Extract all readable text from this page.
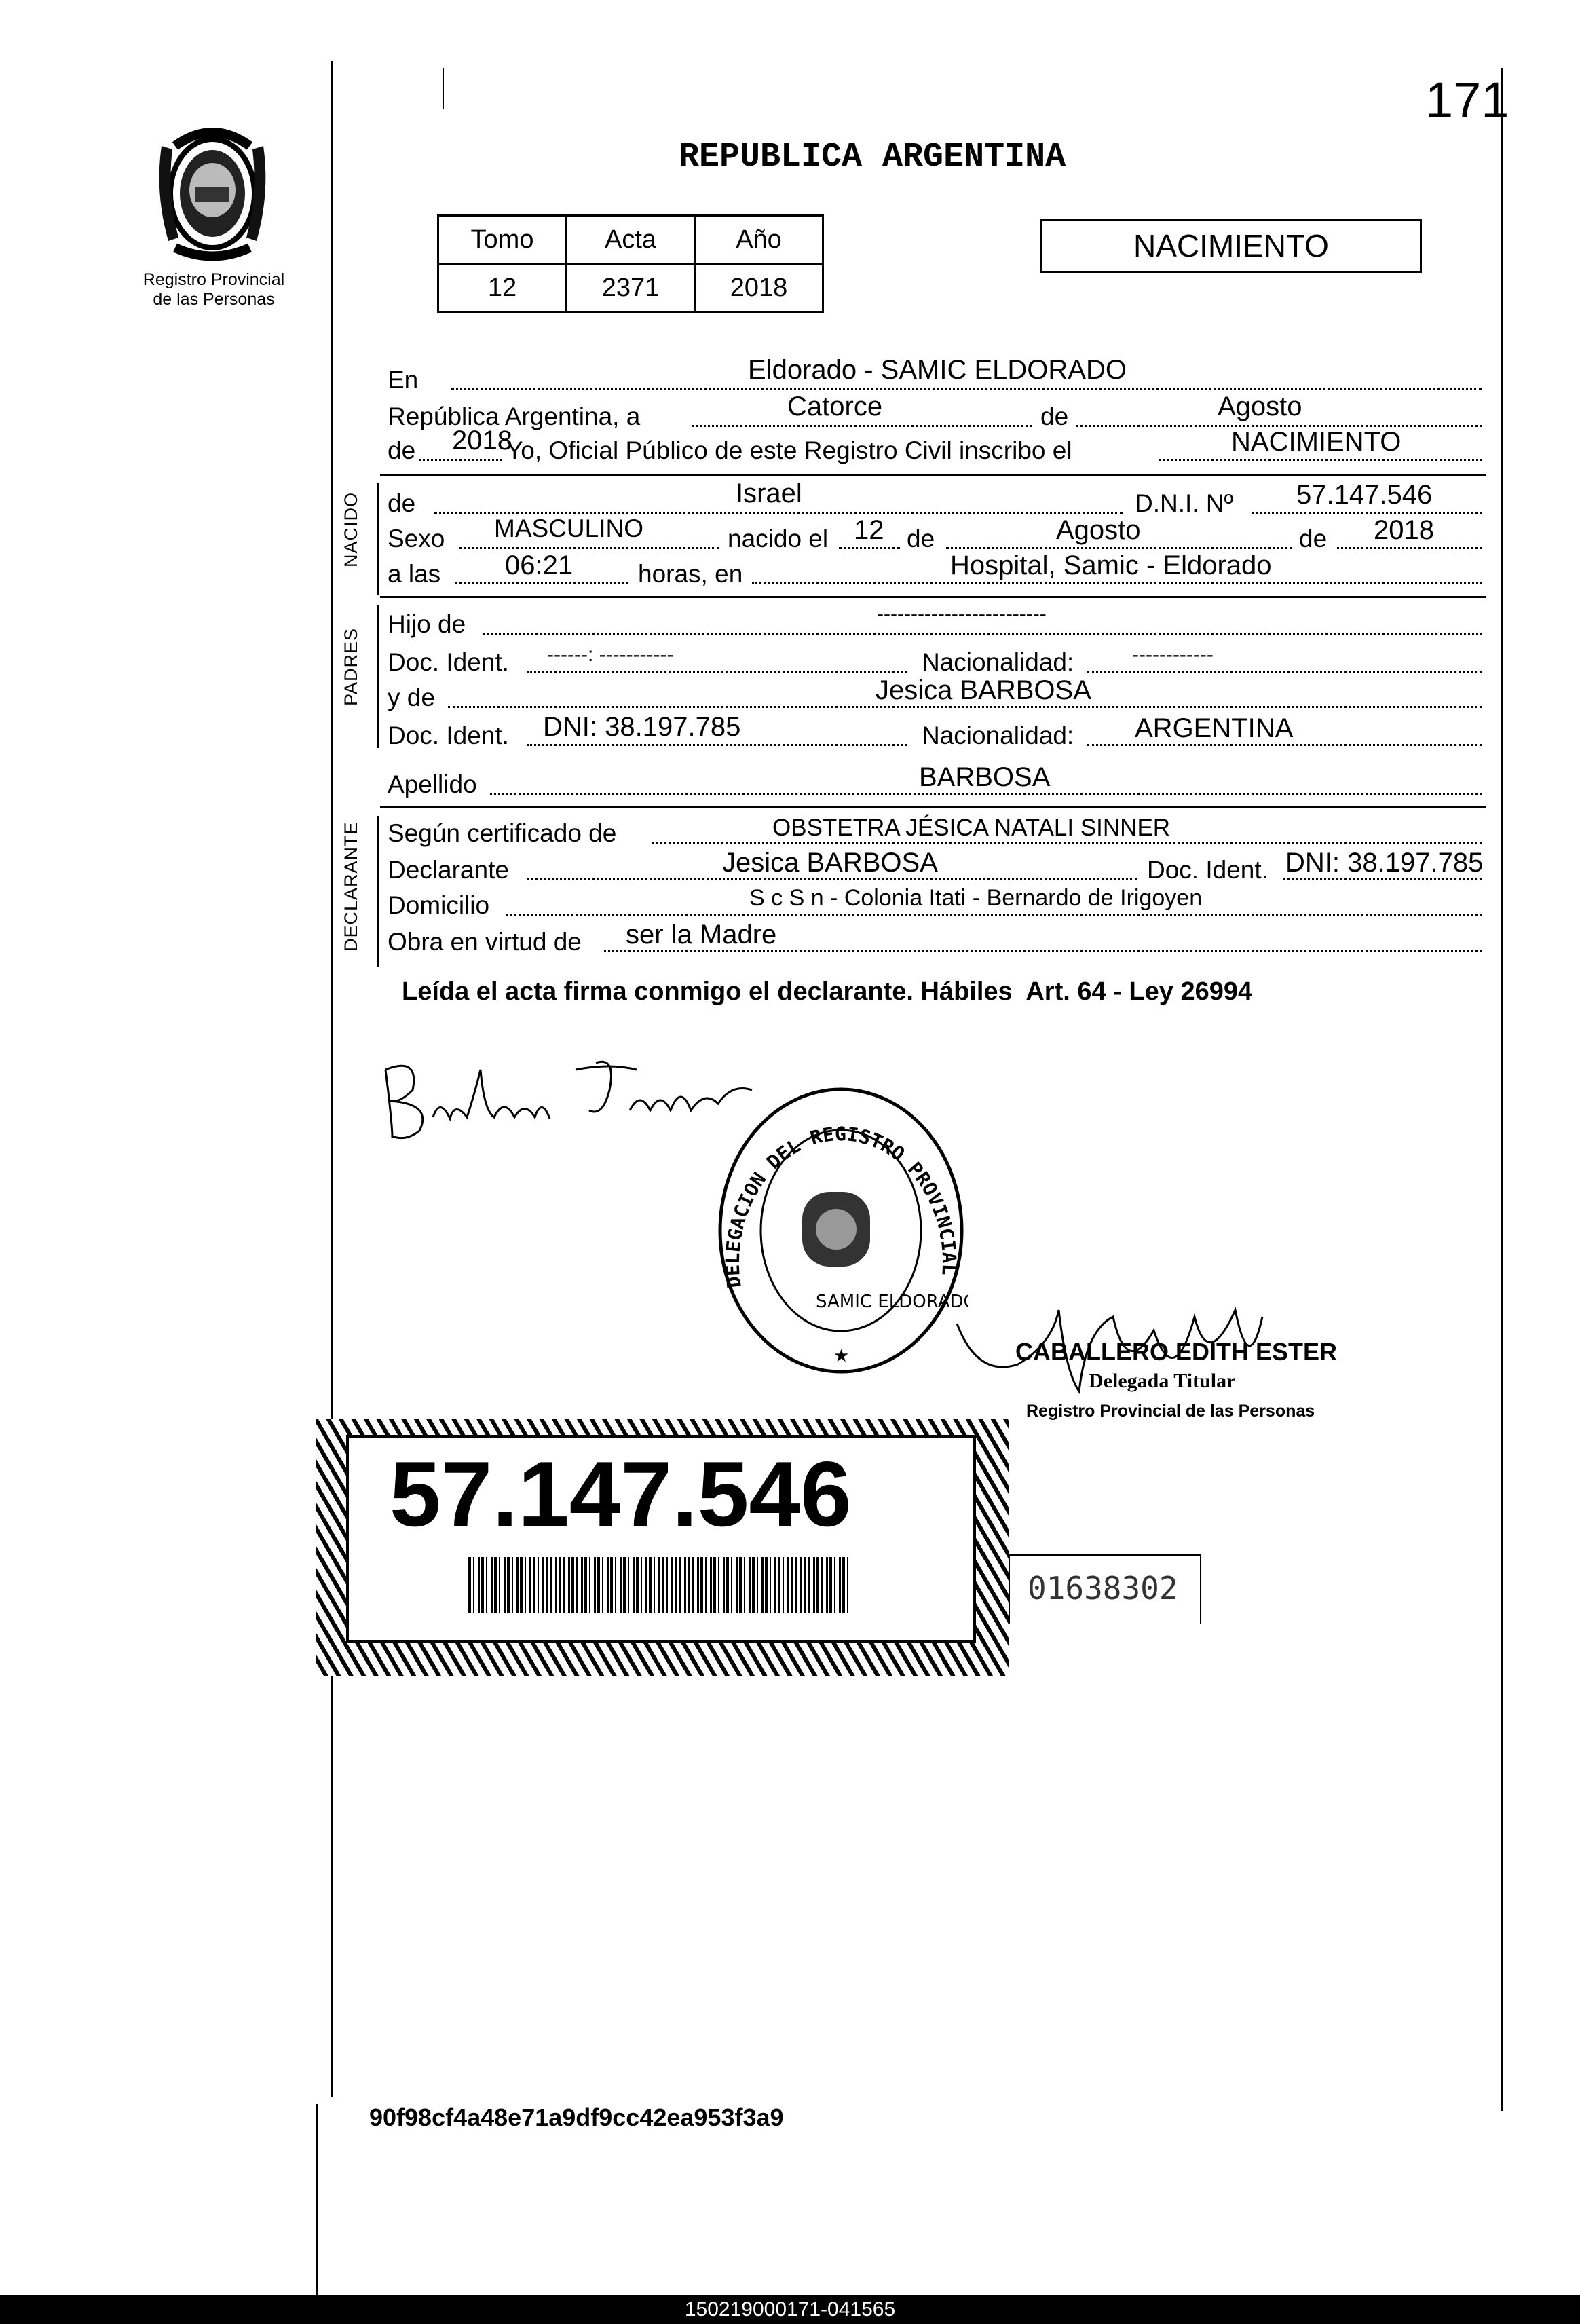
171
Registro Provincial
de las Personas
REPUBLICA ARGENTINA
Tomo	Acta	Año
12	2371	2018
NACIMIENTO
En	Eldorado - SAMIC ELDORADO
República Argentina, a	Catorce	de	Agosto
de 2018
Yo, Oficial Público de este Registro Civil inscribo el	NACIMIENTO
NACIDO de	Israel	D.N.I. Nº 57.147.546
Sexo MASCULINO	nacido el 12 de	Agosto	de 2018
a las 06:21	horas, en	Hospital, Samic - Eldorado
PADRES
Hijo de	-------------------------
Doc. Ident. ------: -----------	Nacionalidad:	------------
y de	Jesica BARBOSA
Doc. Ident. DNI: 38.197.785	Nacionalidad: ARGENTINA
Apellido	BARBOSA
DECLARANTE Según certificado de	OBSTETRA JÉSICA NATALI SINNER
Declarante	Jesica BARBOSA	Doc. Ident. DNI: 38.197.785
Domicilio	S c S n - Colonia Itati - Bernardo de Irigoyen
Obra en virtud de ser la Madre
Leída el acta firma conmigo el declarante. Hábiles  Art. 64 - Ley 26994
DELEGACION DEL REGISTRO PROVINCIAL
SAMIC ELDORADO
★	CABALLERO EDITH ESTER
Delegada Titular
Registro Provincial de las Personas
57.147.546
01638302
90f98cf4a48e71a9df9cc42ea953f3a9
150219000171-041565
